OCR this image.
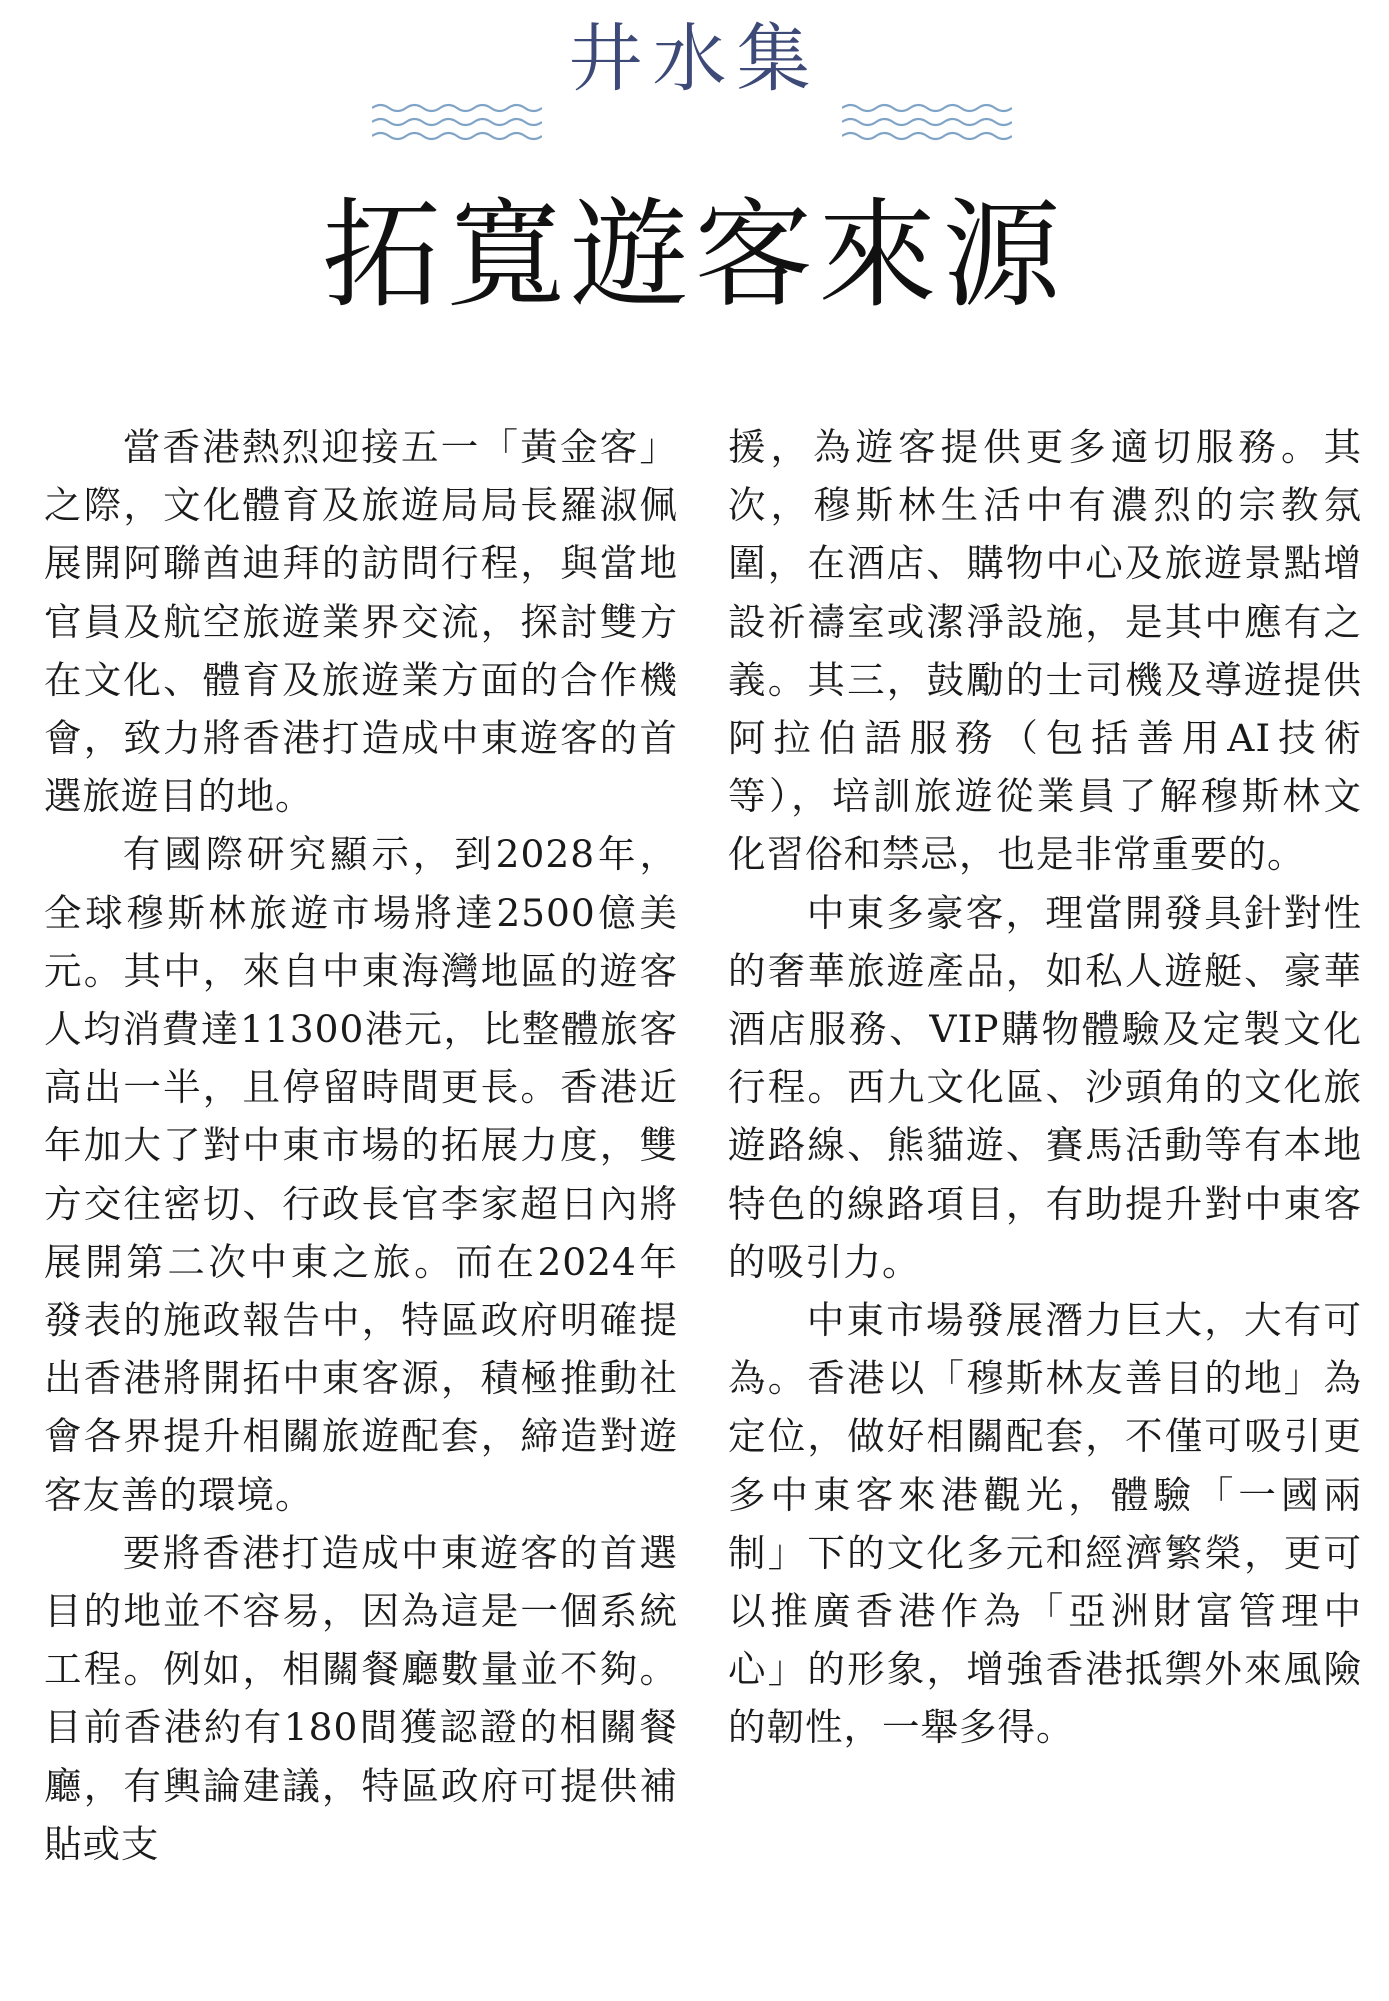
井水集
拓寬遊客來源

當香港熱烈迎接五一「黃金客」之際，文化體育及旅遊局局長羅淑佩展開阿聯酋迪拜的訪問行程，與當地官員及航空旅遊業界交流，探討雙方在文化、體育及旅遊業方面的合作機會，致力將香港打造成中東遊客的首選旅遊目的地。

有國際研究顯示，到2028年，全球穆斯林旅遊市場將達2500億美元。其中，來自中東海灣地區的遊客人均消費達11300港元，比整體旅客高出一半，且停留時間更長。香港近年加大了對中東市場的拓展力度，雙方交往密切、行政長官李家超日內將展開第二次中東之旅。而在2024年發表的施政報告中，特區政府明確提出香港將開拓中東客源，積極推動社會各界提升相關旅遊配套，締造對遊客友善的環境。

要將香港打造成中東遊客的首選目的地並不容易，因為這是一個系統工程。例如，相關餐廳數量並不夠。目前香港約有180間獲認證的相關餐廳，有輿論建議，特區政府可提供補貼或支

援，為遊客提供更多適切服務。其次，穆斯林生活中有濃烈的宗教氛圍，在酒店、購物中心及旅遊景點增設祈禱室或潔淨設施，是其中應有之義。其三，鼓勵的士司機及導遊提供阿拉伯語服務（包括善用AI技術等），培訓旅遊從業員了解穆斯林文化習俗和禁忌，也是非常重要的。

中東多豪客，理當開發具針對性的奢華旅遊產品，如私人遊艇、豪華酒店服務、VIP購物體驗及定製文化行程。西九文化區、沙頭角的文化旅遊路線、熊貓遊、賽馬活動等有本地特色的線路項目，有助提升對中東客的吸引力。

中東市場發展潛力巨大，大有可為。香港以「穆斯林友善目的地」為定位，做好相關配套，不僅可吸引更多中東客來港觀光，體驗「一國兩制」下的文化多元和經濟繁榮，更可以推廣香港作為「亞洲財富管理中心」的形象，增強香港抵禦外來風險的韌性，一舉多得。
